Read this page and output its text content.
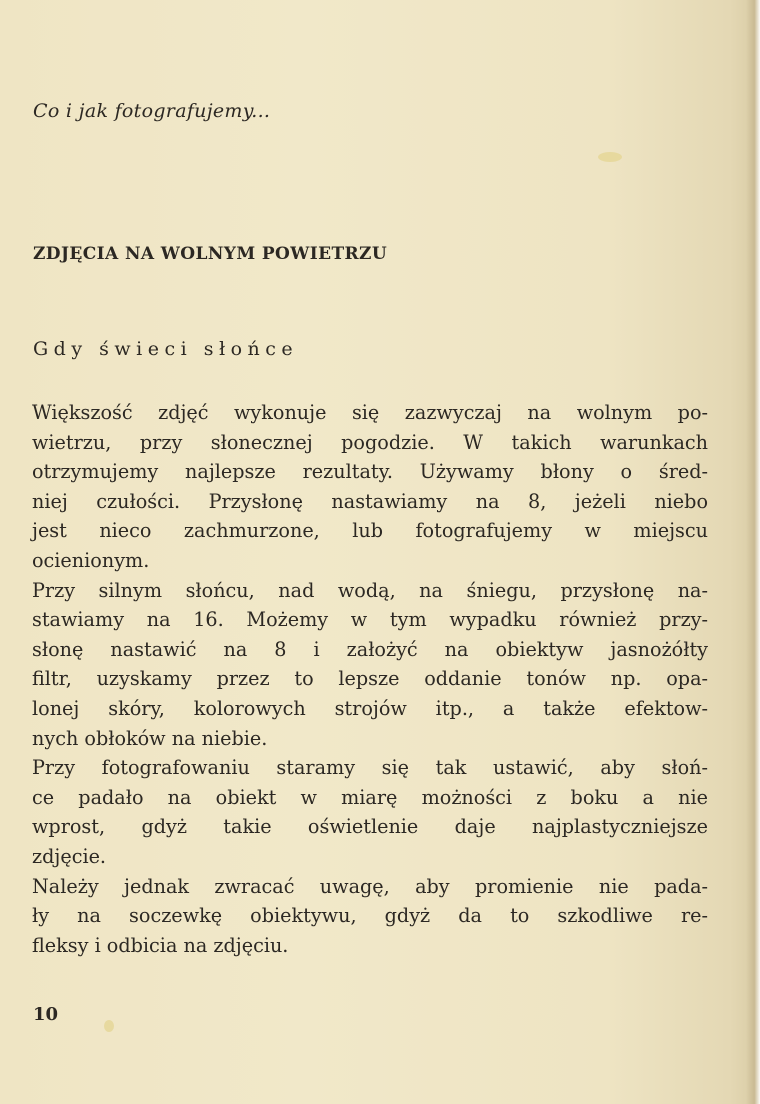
Co i jak fotografujemy...
ZDJĘCIA NA WOLNYM POWIETRZU
Gdy świeci słońce
Większość zdjęć wykonuje się zazwyczaj na wolnym po-
wietrzu, przy słonecznej pogodzie. W takich warunkach
otrzymujemy najlepsze rezultaty. Używamy błony o śred-
niej czułości. Przysłonę nastawiamy na 8, jeżeli niebo
jest nieco zachmurzone, lub fotografujemy w miejscu
ocienionym.
Przy silnym słońcu, nad wodą, na śniegu, przysłonę na-
stawiamy na 16. Możemy w tym wypadku również przy-
słonę nastawić na 8 i założyć na obiektyw jasnożółty
filtr, uzyskamy przez to lepsze oddanie tonów np. opa-
lonej skóry, kolorowych strojów itp., a także efektow-
nych obłoków na niebie.
Przy fotografowaniu staramy się tak ustawić, aby słoń-
ce padało na obiekt w miarę możności z boku a nie
wprost, gdyż takie oświetlenie daje najplastyczniejsze
zdjęcie.
Należy jednak zwracać uwagę, aby promienie nie pada-
ły na soczewkę obiektywu, gdyż da to szkodliwe re-
fleksy i odbicia na zdjęciu.
10
